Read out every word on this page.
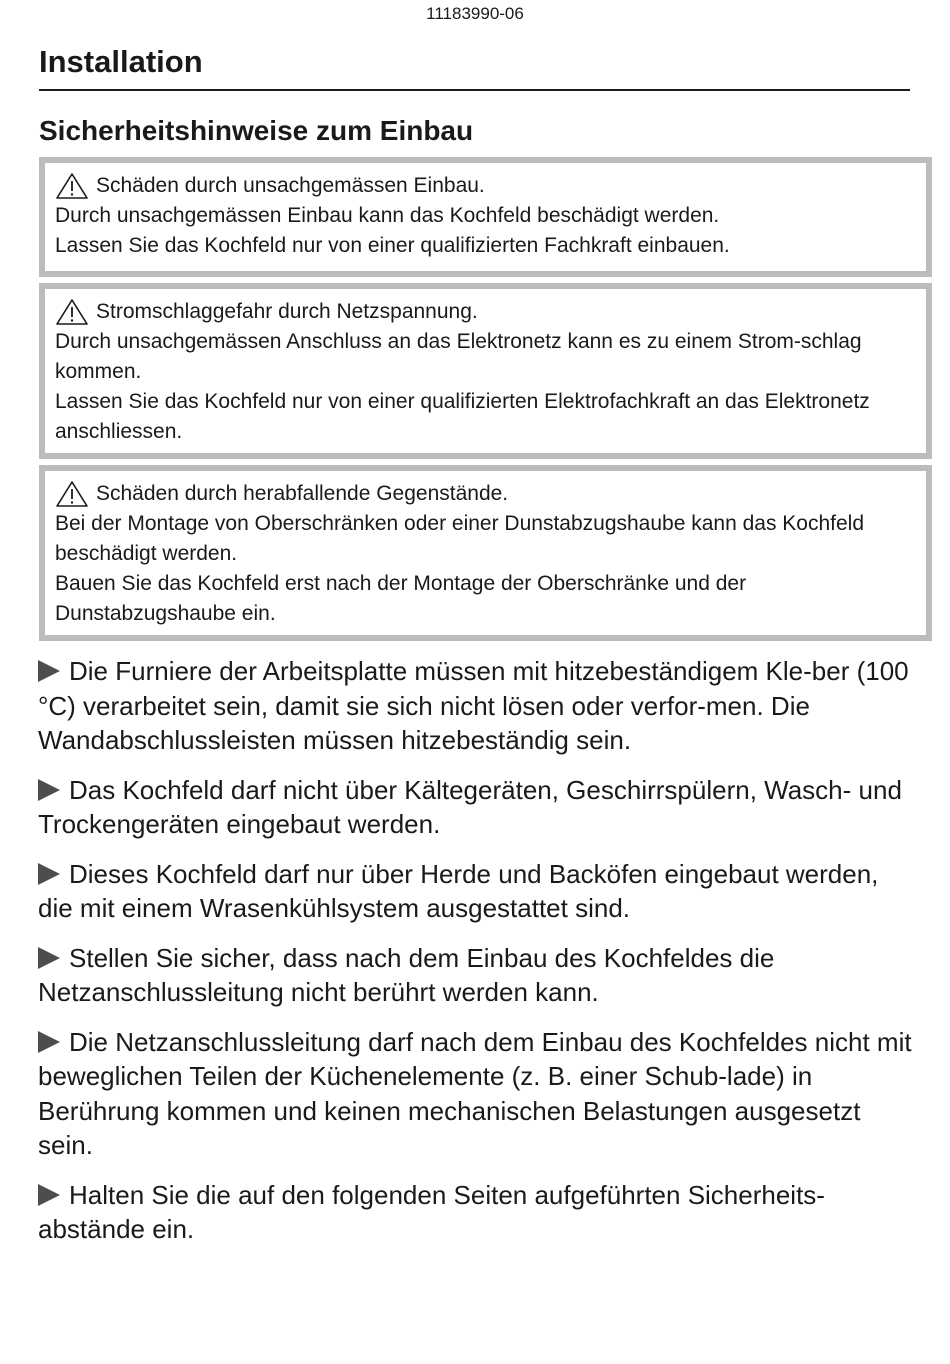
11183990-06
Installation
Sicherheitshinweise zum Einbau
Schäden durch unsachgemässen Einbau.

Durch unsachgemässen Einbau kann das Kochfeld beschädigt werden.

Lassen Sie das Kochfeld nur von einer qualifizierten Fachkraft einbauen.

Stromschlaggefahr durch Netzspannung.

Durch unsachgemässen Anschluss an das Elektronetz kann es zu einem Strom-schlag kommen.

Lassen Sie das Kochfeld nur von einer qualifizierten Elektrofachkraft an das Elektronetz anschliessen.

Schäden durch herabfallende Gegenstände.

Bei der Montage von Oberschränken oder einer Dunstabzugshaube kann das Kochfeld beschädigt werden.

Bauen Sie das Kochfeld erst nach der Montage der Oberschränke und der Dunstabzugshaube ein.

Die Furniere der Arbeitsplatte müssen mit hitzebeständigem Kle-ber (100 °C) verarbeitet sein, damit sie sich nicht lösen oder verfor-men. Die Wandabschlussleisten müssen hitzebeständig sein.

Das Kochfeld darf nicht über Kältegeräten, Geschirrspülern, Wasch- und Trockengeräten eingebaut werden.

Dieses Kochfeld darf nur über Herde und Backöfen eingebaut werden, die mit einem Wrasenkühlsystem ausgestattet sind.

Stellen Sie sicher, dass nach dem Einbau des Kochfeldes die Netzanschlussleitung nicht berührt werden kann.

Die Netzanschlussleitung darf nach dem Einbau des Kochfeldes nicht mit beweglichen Teilen der Küchenelemente (z. B. einer Schub-lade) in Berührung kommen und keinen mechanischen Belastungen ausgesetzt sein.

Halten Sie die auf den folgenden Seiten aufgeführten Sicherheits-abstände ein.
